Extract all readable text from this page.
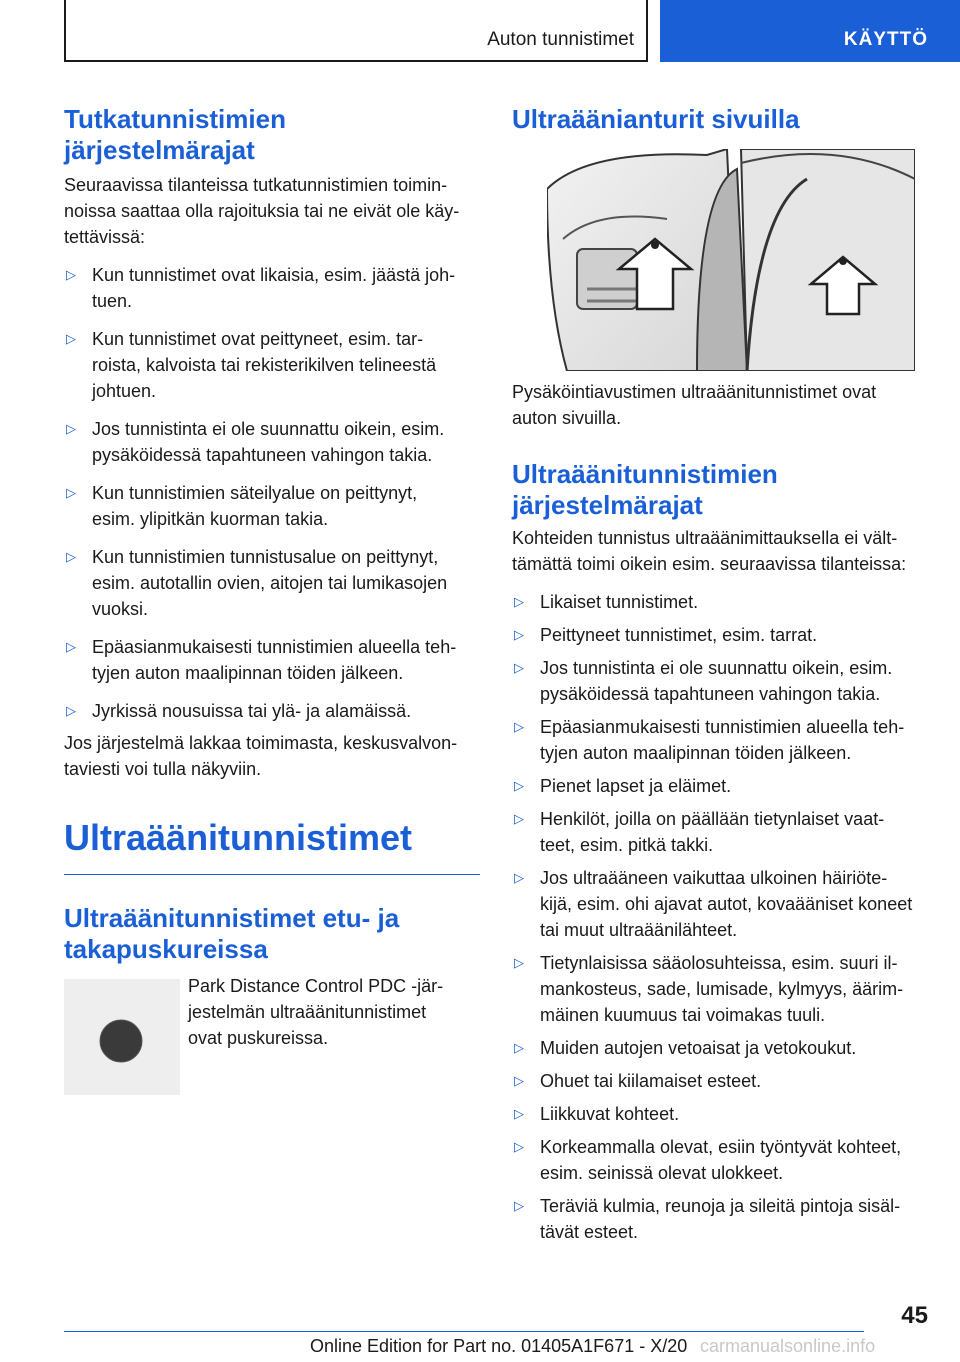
Auton tunnistimet	KÄYTTÖ
Tutkatunnistimien
järjestelmärajat

Seuraavissa tilanteissa tutkatunnistimien toimin-
noissa saattaa olla rajoituksia tai ne eivät ole käy-
tettävissä:

▷ Kun tunnistimet ovat likaisia, esim. jäästä joh-
tuen.
▷ Kun tunnistimet ovat peittyneet, esim. tar-
roista, kalvoista tai rekisterikilven telineestä
johtuen.
▷ Jos tunnistinta ei ole suunnattu oikein, esim.
pysäköidessä tapahtuneen vahingon takia.
▷ Kun tunnistimien säteilyalue on peittynyt,
esim. ylipitkän kuorman takia.
▷ Kun tunnistimien tunnistusalue on peittynyt,
esim. autotallin ovien, aitojen tai lumikasojen
vuoksi.
▷ Epäasianmukaisesti tunnistimien alueella teh-
tyjen auton maalipinnan töiden jälkeen.
▷ Jyrkissä nousuissa tai ylä- ja alamäissä.

Jos järjestelmä lakkaa toimimasta, keskusvalvon-
taviesti voi tulla näkyviin.

Ultraäänitunnistimet
Ultraäänitunnistimet etu- ja
takapuskureissa

Park Distance Control PDC -jär-
jestelmän ultraäänitunnistimet
ovat puskureissa.

Ultraäänianturit sivuilla

Pysäköintiavustimen ultraäänitunnistimet ovat
auton sivuilla.

Ultraäänitunnistimien
järjestelmärajat

Kohteiden tunnistus ultraäänimittauksella ei vält-
tämättä toimi oikein esim. seuraavissa tilanteissa:

▷ Likaiset tunnistimet.
▷ Peittyneet tunnistimet, esim. tarrat.
▷ Jos tunnistinta ei ole suunnattu oikein, esim.
pysäköidessä tapahtuneen vahingon takia.
▷ Epäasianmukaisesti tunnistimien alueella teh-
tyjen auton maalipinnan töiden jälkeen.
▷ Pienet lapset ja eläimet.
▷ Henkilöt, joilla on päällään tietynlaiset vaat-
teet, esim. pitkä takki.
▷ Jos ultraääneen vaikuttaa ulkoinen häiriöte-
kijä, esim. ohi ajavat autot, kovaääniset koneet
tai muut ultraäänilähteet.
▷ Tietynlaisissa sääolosuhteissa, esim. suuri il-
mankosteus, sade, lumisade, kylmyys, äärim-
mäinen kuumuus tai voimakas tuuli.
▷ Muiden autojen vetoaisat ja vetokoukut.
▷ Ohuet tai kiilamaiset esteet.
▷ Liikkuvat kohteet.
▷ Korkeammalla olevat, esiin työntyvät kohteet,
esim. seinissä olevat ulokkeet.
▷ Teräviä kulmia, reunoja ja sileitä pintoja sisäl-
tävät esteet.
45
Online Edition for Part no. 01405A1F671 - X/20 carmanualsonline.info
